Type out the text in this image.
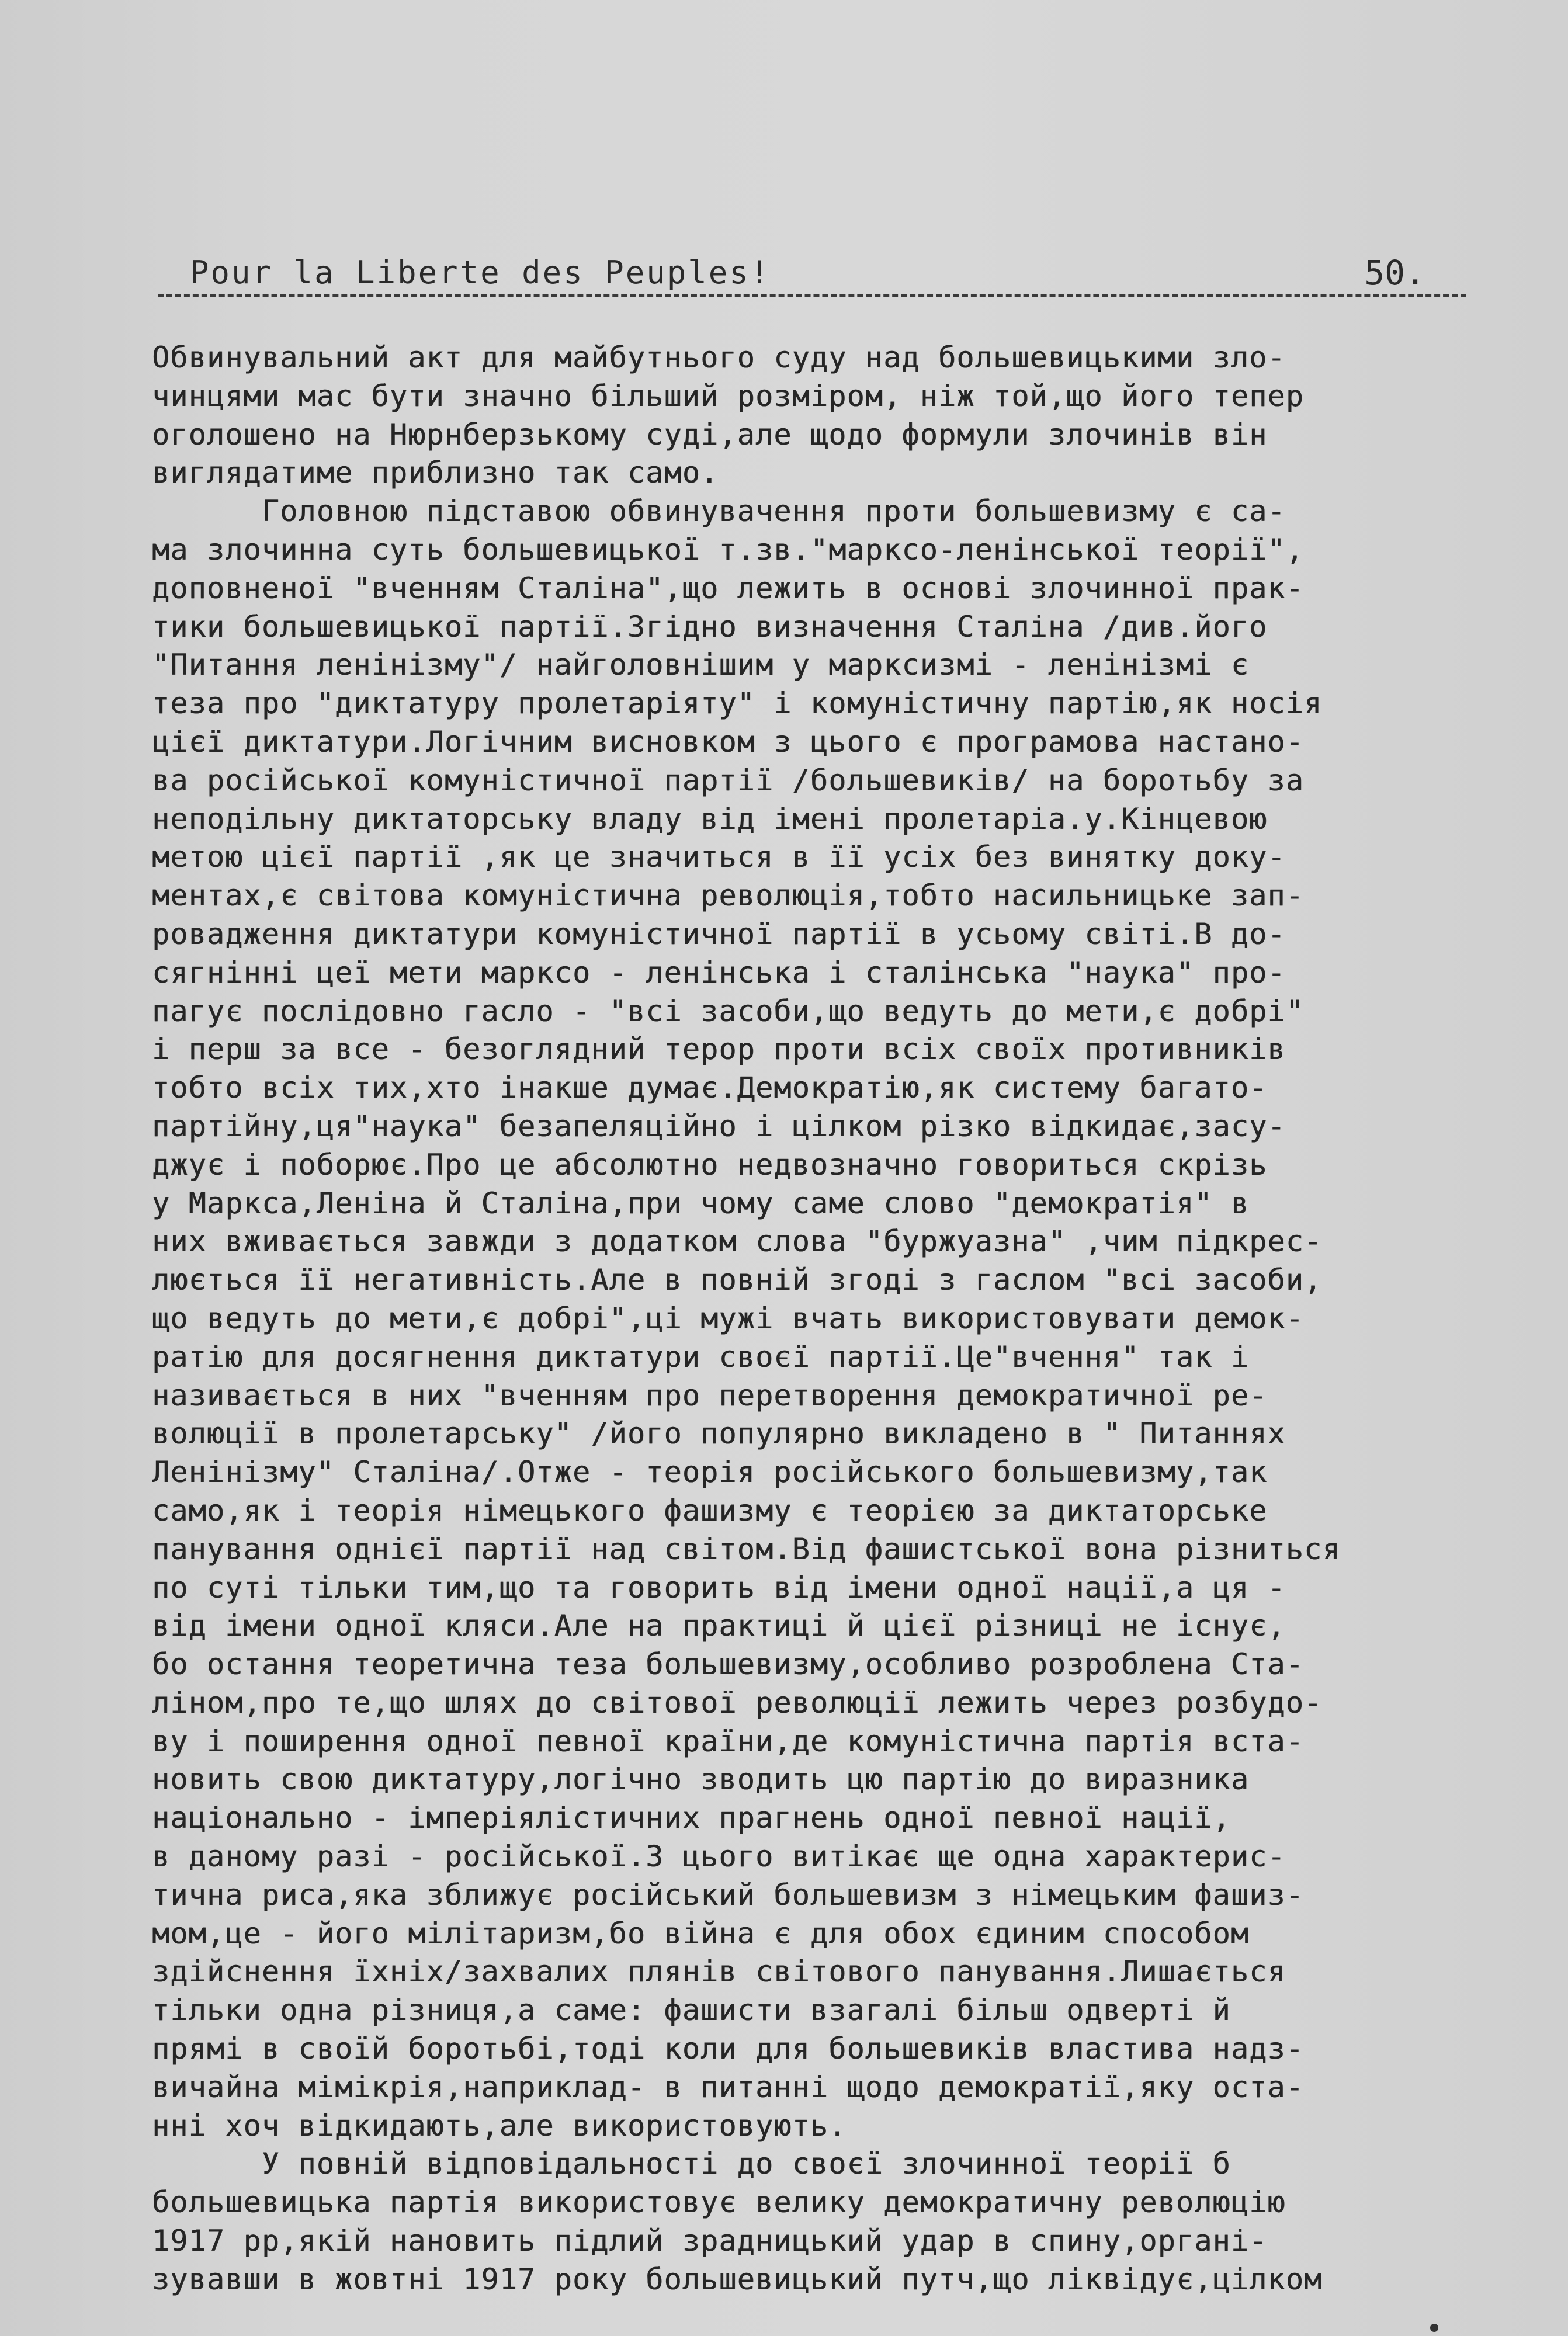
Pour la Liberte des Peuples!	50.
Обвинувальний акт для майбутнього суду над большевицькими зло-
чинцями мас бути значно більший розміром, ніж той,що його тепер
оголошено на Нюрнберзькому суді,але щодо формули злочинів він
виглядатиме приблизно так само.
Головною підставою обвинувачення проти большевизму є са-
ма злочинна суть большевицької т.зв."марксо-ленінської теорії",
доповненої "вченням Сталіна",що лежить в основі злочинної прак-
тики большевицької партії.Згідно визначення Сталіна /див.його
"Питання ленінізму"/ найголовнішим у марксизмі - ленінізмі є
теза про "диктатуру пролетаріяту" і комуністичну партію,як носія
цієї диктатури.Логічним висновком з цього є програмова настано-
ва російської комуністичної партії /большевиків/ на боротьбу за
неподільну диктаторську владу від імені пролетаріа.у.Кінцевою
метою цієї партії ,як це значиться в її усіх без винятку доку-
ментах,є світова комуністична революція,тобто насильницьке зап-
ровадження диктатури комуністичної партії в усьому світі.В до-
сягнінні цеї мети марксо - ленінська і сталінська "наука" про-
пагує послідовно гасло - "всі засоби,що ведуть до мети,є добрі"
і перш за все - безоглядний терор проти всіх своїх противників
тобто всіх тих,хто інакше думає.Демократію,як систему багато-
партійну,ця"наука" безапеляційно і цілком різко відкидає,засу-
джує і поборює.Про це абсолютно недвозначно говориться скрізь
у Маркса,Леніна й Сталіна,при чому саме слово "демократія" в
них вживається завжди з додатком слова "буржуазна" ,чим підкрес-
люється її негативність.Але в повній згоді з гаслом "всі засоби,
що ведуть до мети,є добрі",ці мужі вчать використовувати демок-
ратію для досягнення диктатури своєї партії.Це"вчення" так і
називається в них "вченням про перетворення демократичної ре-
волюції в пролетарську" /його популярно викладено в " Питаннях
Ленінізму" Сталіна/.Отже - теорія російського большевизму,так
само,як і теорія німецького фашизму є теорією за диктаторське
панування однієї партії над світом.Від фашистської вона різниться
по суті тільки тим,що та говорить від імени одної нації,а ця -
від імени одної кляси.Але на практиці й цієї різниці не існує,
бо остання теоретична теза большевизму,особливо розроблена Ста-
ліном,про те,що шлях до світової революції лежить через розбудо-
ву і поширення одної певної країни,де комуністична партія вста-
новить свою диктатуру,логічно зводить цю партію до виразника
національно - імперіялістичних прагнень одної певної нації,
в даному разі - російської.З цього витікає ще одна характерис-
тична риса,яка зближує російський большевизм з німецьким фашиз-
мом,це - його мілітаризм,бо війна є для обох єдиним способом
здійснення їхніх/захвалих плянів світового панування.Лишається
тільки одна різниця,а саме: фашисти взагалі більш одверті й
прямі в своїй боротьбі,тоді коли для большевиків властива надз-
вичайна мімікрія,наприклад- в питанні щодо демократії,яку оста-
нні хоч відкидають,але використовують.
У повній відповідальності до своєї злочинної теорії б
большевицька партія використовує велику демократичну революцію
1917 рр,якій нановить підлий зрадницький удар в спину,органі-
зувавши в жовтні 1917 року большевицький путч,що ліквідує,цілком
